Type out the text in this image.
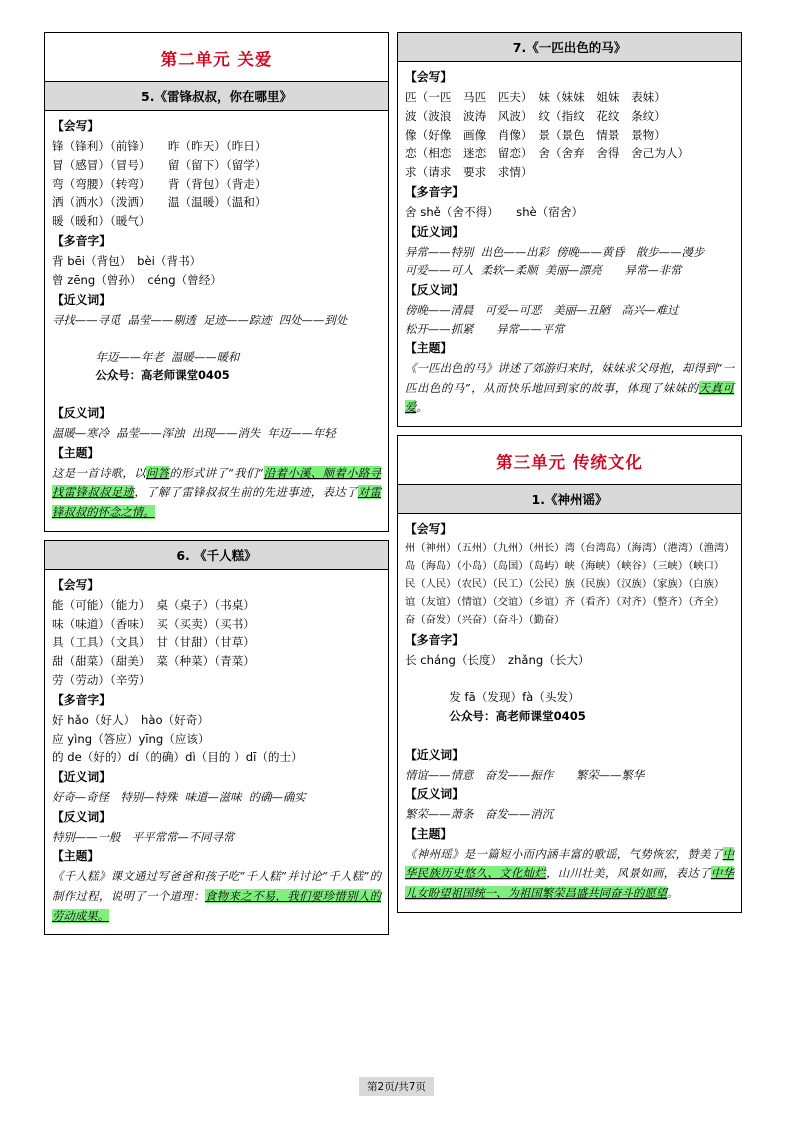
第二单元 关爱
5.《雷锋叔叔，你在哪里》
【会写】
锋（锋利）（前锋）　　昨（昨天）（昨日）
冒（感冒）（冒号）　　留（留下）（留学）
弯（弯腰）（转弯）　　背（背包）（背走）
洒（洒水）（泼洒）　　温（温暖）（温和）
暖（暖和）（暖气）
【多音字】
背 bēi（背包）　bèi（背书）
曾 zēng（曾孙）　céng（曾经）
【近义词】
寻找——寻觅  晶莹——剔透  足迹——踪迹  四处——到处

年迈——年老  温暖——暖和
公众号：高老师课堂0405

【反义词】
温暖—寒冷  晶莹——浑浊  出现——消失  年迈——年轻
【主题】
这是一首诗歌，以问答的形式讲了“我们”沿着小溪、顺着小路寻找雷锋叔叔足迹，了解了雷锋叔叔生前的先进事迹，表达了对雷锋叔叔的怀念之情。
6. 《千人糕》
【会写】
能（可能）（能力）　桌（桌子）（书桌）
味（味道）（香味）　买（买卖）（买书）
具（工具）（文具）　甘（甘甜）（甘草）
甜（甜菜）（甜美）　菜（种菜）（青菜）
劳（劳动）（辛劳）
【多音字】
好 hǎo（好人）　hào（好奇）
应 yìng（答应）yīng（应该）
的 de（好的）dí（的确）dì（目的 ）dī（的士）
【近义词】
好奇—奇怪　特别—特殊  味道—滋味  的确—确实
【反义词】
特别——一般　平平常常—不同寻常
【主题】
《千人糕》课文通过写爸爸和孩子吃“千人糕”并讨论“千人糕”的制作过程，说明了一个道理：食物来之不易，我们要珍惜别人的劳动成果。
7.《一匹出色的马》
【会写】
匹（一匹　马匹　匹夫）　妹（妹妹　姐妹　表妹）
波（波浪　波涛　风波）　纹（指纹　花纹　条纹）
像（好像　画像　肖像）　景（景色　情景　景物）
恋（相恋　迷恋　留恋）　舍（舍弃　舍得　舍己为人）
求（请求　要求　求情）
【多音字】
舍 shě（舍不得）　　shè（宿舍）
【近义词】
异常——特别  出色——出彩  傍晚——黄昏　散步——漫步
可爱——可人  柔软—柔顺  美丽—漂亮　　异常—非常
【反义词】
傍晚——清晨　可爱—可恶　美丽—丑陋　高兴—难过
松开——抓紧　　异常——平常
【主题】
《一匹出色的马》讲述了郊游归来时，妹妹求父母抱，却得到“一匹出色的马”，从而快乐地回到家的故事，体现了妹妹的天真可爱。
第三单元 传统文化
1.《神州谣》
【会写】
州（神州）（五州）（九州）（州长）湾（台湾岛）（海湾）（港湾）（渔湾）
岛（海岛）（小岛）（岛国）（岛屿）峡（海峡）（峡谷）（三峡）（峡口）
民（人民）（农民）（民工）（公民）族（民族）（汉族）（家族）（白族）
谊（友谊）（情谊）（交谊）（乡谊）齐（看齐）（对齐）（整齐）（齐全）
奋（奋发）（兴奋）（奋斗）（勤奋）
【多音字】
长 cháng（长度）　zhǎng（长大）

发 fā（发现）fà（头发）
公众号：高老师课堂0405

【近义词】
情谊——情意　奋发——振作　　繁荣——繁华
【反义词】
繁荣——萧条　奋发——消沉
【主题】
《神州瑶》是一篇短小而内涵丰富的歌谣，气势恢宏，赞美了中华民族历史悠久、文化灿烂，山川壮美，风景如画，表达了中华儿女盼望祖国统一、为祖国繁荣昌盛共同奋斗的愿望。
第2页/共7页
